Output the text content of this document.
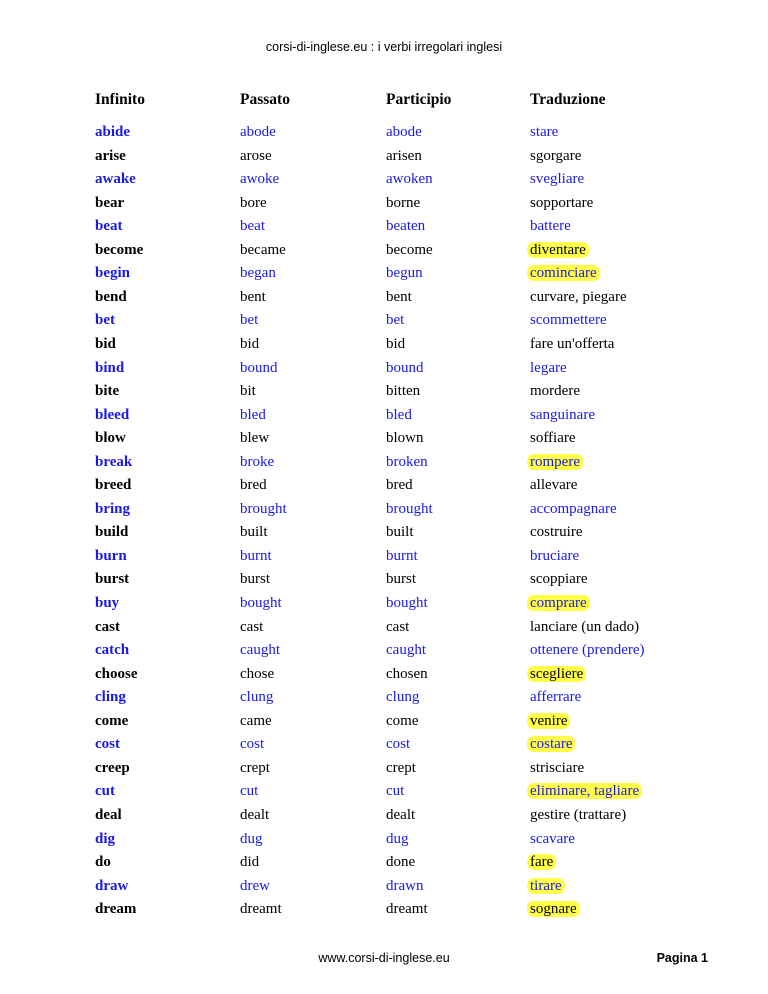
corsi-di-inglese.eu : i verbi irregolari inglesi
Infinito	Passato	Participio	Traduzione
abide	abode	abode	stare
arise	arose	arisen	sgorgare
awake	awoke	awoken	svegliare
bear	bore	borne	sopportare
beat	beat	beaten	battere
become	became	become	diventare
begin	began	begun	cominciare
bend	bent	bent	curvare, piegare
bet	bet	bet	scommettere
bid	bid	bid	fare un'offerta
bind	bound	bound	legare
bite	bit	bitten	mordere
bleed	bled	bled	sanguinare
blow	blew	blown	soffiare
break	broke	broken	rompere
breed	bred	bred	allevare
bring	brought	brought	accompagnare
build	built	built	costruire
burn	burnt	burnt	bruciare
burst	burst	burst	scoppiare
buy	bought	bought	comprare
cast	cast	cast	lanciare (un dado)
catch	caught	caught	ottenere (prendere)
choose	chose	chosen	scegliere
cling	clung	clung	afferrare
come	came	come	venire
cost	cost	cost	costare
creep	crept	crept	strisciare
cut	cut	cut	eliminare, tagliare
deal	dealt	dealt	gestire (trattare)
dig	dug	dug	scavare
do	did	done	fare
draw	drew	drawn	tirare
dream	dreamt	dreamt	sognare
www.corsi-di-inglese.eu	Pagina 1
